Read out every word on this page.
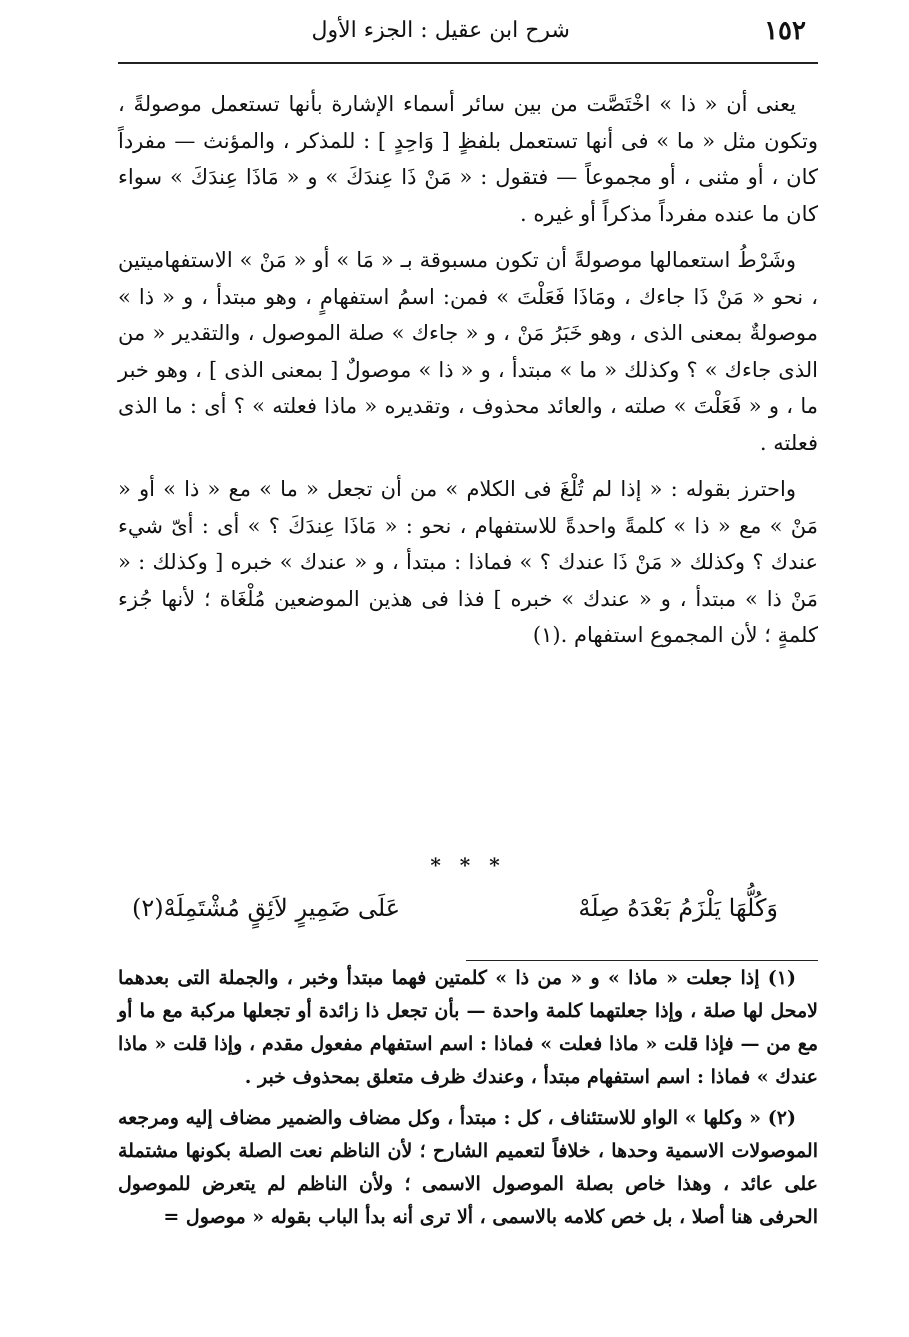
١٥٢
شرح ابن عقيل : الجزء الأول

يعنى أن « ذا » اخْتَصَّت من بين سائر أسماء الإشارة بأنها تستعمل موصولةً ، وتكون مثل « ما » فى أنها تستعمل بلفظٍ [ وَاحِدٍ ] : للمذكر ، والمؤنث — مفرداً كان ، أو مثنى ، أو مجموعاً — فتقول : « مَنْ ذَا عِندَكَ » و « مَاذَا عِندَكَ » سواء كان ما عنده مفرداً مذكراً أو غيره .

وشَرْطُ استعمالها موصولةً أن تكون مسبوقة بـ « مَا » أو « مَنْ » الاستفهاميتين ، نحو « مَنْ ذَا جاءك ، ومَاذَا فَعَلْتَ » فمن: اسمُ استفهامٍ ، وهو مبتدأ ، و « ذا » موصولةٌ بمعنى الذى ، وهو خَبَرُ مَنْ ، و « جاءك » صلة الموصول ، والتقدير « من الذى جاءك » ؟ وكذلك « ما » مبتدأ ، و « ذا » موصولٌ [ بمعنى الذى ] ، وهو خبر ما ، و « فَعَلْتَ » صلته ، والعائد محذوف ، وتقديره « ماذا فعلته » ؟ أى : ما الذى فعلته .

واحترز بقوله : « إذا لم تُلْغَ فى الكلام » من أن تجعل « ما » مع « ذا » أو « مَنْ » مع « ذا » كلمةً واحدةً للاستفهام ، نحو : « مَاذَا عِندَكَ ؟ » أى : أىّ شيء عندك ؟ وكذلك « مَنْ ذَا عندك ؟ » فماذا : مبتدأ ، و « عندك » خبره [ وكذلك : « مَنْ ذا » مبتدأ ، و « عندك » خبره ] فذا فى هذين الموضعين مُلْغَاة ؛ لأنها جُزء كلمةٍ ؛ لأن المجموع استفهام .(١)

* * *
وَكُلُّهَا يَلْزَمُ بَعْدَهُ صِلَهْ
عَلَى ضَمِيرٍ لاَئِقٍ مُشْتَمِلَهْ(٢)

(١) إذا جعلت « ماذا » و « من ذا » كلمتين فهما مبتدأ وخبر ، والجملة التى بعدهما لامحل لها صلة ، وإذا جعلتهما كلمة واحدة — بأن تجعل ذا زائدة أو تجعلها مركبة مع ما أو مع من — فإذا قلت « ماذا فعلت » فماذا : اسم استفهام مفعول مقدم ، وإذا قلت « ماذا عندك » فماذا : اسم استفهام مبتدأ ، وعندك ظرف متعلق بمحذوف خبر .

(٢) « وكلها » الواو للاستئناف ، كل : مبتدأ ، وكل مضاف والضمير مضاف إليه ومرجعه الموصولات الاسمية وحدها ، خلافاً لتعميم الشارح ؛ لأن الناظم نعت الصلة بكونها مشتملة على عائد ، وهذا خاص بصلة الموصول الاسمى ؛ ولأن الناظم لم يتعرض للموصول الحرفى هنا أصلا ، بل خص كلامه بالاسمى ، ألا ترى أنه بدأ الباب بقوله « موصول =
